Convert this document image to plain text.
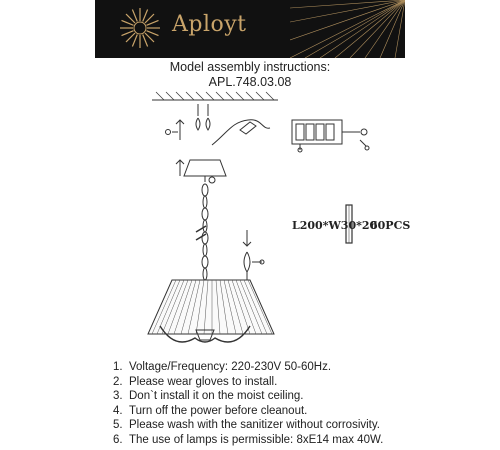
Aployt
Model assembly instructions:
APL.748.03.08
L200*W30*20
60PCS
1. Voltage/Frequency: 220-230V 50-60Hz.
2. Please wear gloves to install.
3. Don`t install it on the moist ceiling.
4. Turn off the power before cleanout.
5. Please wash with the sanitizer without corrosivity.
6. The use of lamps is permissible: 8xE14 max 40W.
